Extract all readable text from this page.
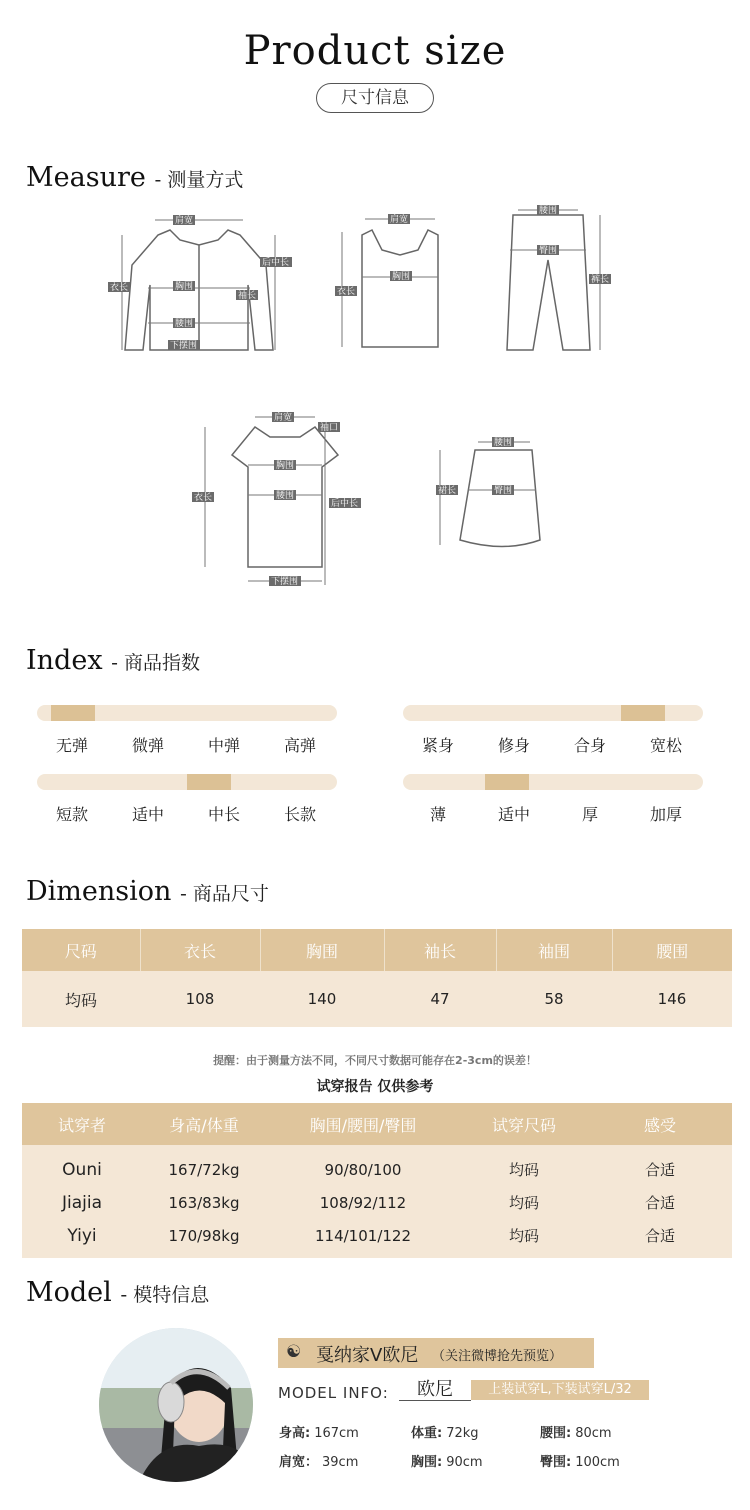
Product size
尺寸信息
Measure - 测量方式
肩宽
衣长	胸围
腰围
下摆围
袖长
后中长
肩宽
胸围
衣长
腰围
臀围
裤长
肩宽
袖口
胸围
腰围
衣长
后中长
下摆围
腰围
臀围
裙长
Index - 商品指数
无弹	微弹	中弹	高弹	紧身	修身	合身	宽松
短款	适中	中长	长款	薄	适中	厚	加厚
Dimension - 商品尺寸
尺码	衣长	胸围	袖长	袖围	腰围
均码	108	140	47	58	146
提醒：由于测量方法不同，不同尺寸数据可能存在2-3cm的误差！
试穿报告 仅供参考
试穿者	身高/体重	胸围/腰围/臀围	试穿尺码	感受
Ouni	167/72kg	90/80/100	均码	合适
Jiajia	163/83kg	108/92/112	均码	合适
Yiyi	170/98kg	114/101/122	均码	合适
Model - 模特信息
☯ 戛纳家V欧尼 （关注微博抢先预览）
MODEL INFO:	欧尼	上装试穿L,下装试穿L/32
身高: 167cm	体重: 72kg	腰围: 80cm
肩宽： 39cm	胸围: 90cm	臀围: 100cm
